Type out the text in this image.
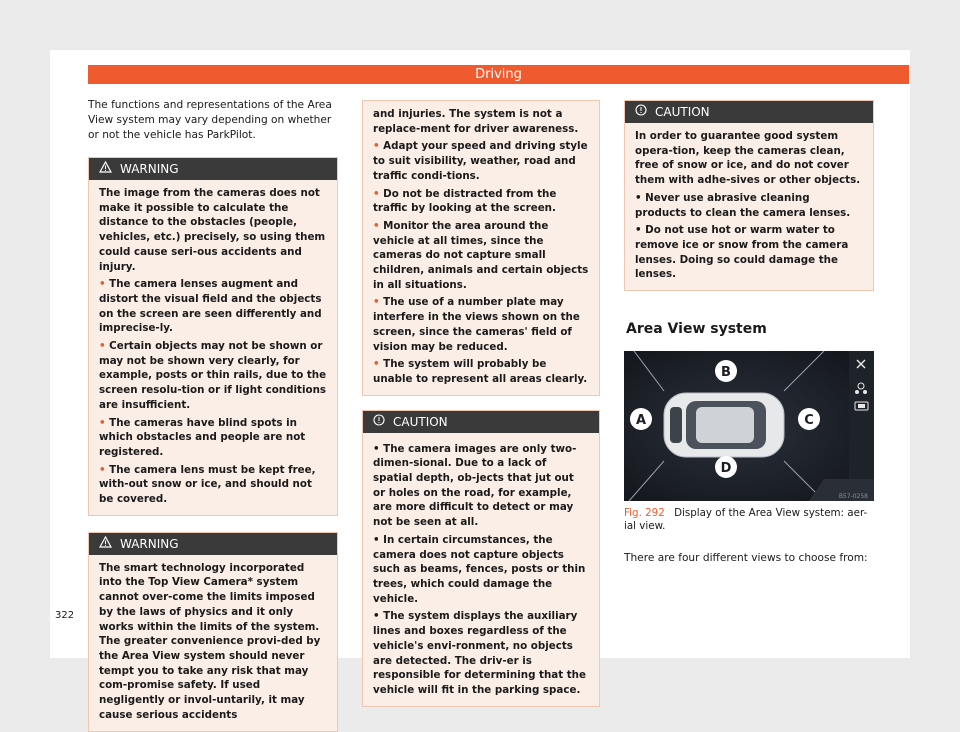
Driving

The functions and representations of the Area View system may vary depending on whether or not the vehicle has ParkPilot.

WARNING

The image from the cameras does not make it possible to calculate the distance to the obstacles (people, vehicles, etc.) precisely, so using them could cause seri-ous accidents and injury.

• The camera lenses augment and distort the visual field and the objects on the screen are seen differently and imprecise-ly.

• Certain objects may not be shown or may not be shown very clearly, for example, posts or thin rails, due to the screen resolu-tion or if light conditions are insufficient.

• The cameras have blind spots in which obstacles and people are not registered.

• The camera lens must be kept free, with-out snow or ice, and should not be covered.

WARNING

The smart technology incorporated into the Top View Camera* system cannot over-come the limits imposed by the laws of physics and it only works within the limits of the system. The greater convenience provi-ded by the Area View system should never tempt you to take any risk that may com-promise safety. If used negligently or invol-untarily, it may cause serious accidents

and injuries. The system is not a replace-ment for driver awareness.

• Adapt your speed and driving style to suit visibility, weather, road and traffic condi-tions.

• Do not be distracted from the traffic by looking at the screen.

• Monitor the area around the vehicle at all times, since the cameras do not capture small children, animals and certain objects in all situations.

• The use of a number plate may interfere in the views shown on the screen, since the cameras' field of vision may be reduced.

• The system will probably be unable to represent all areas clearly.

CAUTION

• The camera images are only two-dimen-sional. Due to a lack of spatial depth, ob-jects that jut out or holes on the road, for example, are more difficult to detect or may not be seen at all.

• In certain circumstances, the camera does not capture objects such as beams, fences, posts or thin trees, which could damage the vehicle.

• The system displays the auxiliary lines and boxes regardless of the vehicle's envi-ronment, no objects are detected. The driv-er is responsible for determining that the vehicle will fit in the parking space.

CAUTION

In order to guarantee good system opera-tion, keep the cameras clean, free of snow or ice, and do not cover them with adhe-sives or other objects.

• Never use abrasive cleaning products to clean the camera lenses.

• Do not use hot or warm water to remove ice or snow from the camera lenses. Doing so could damage the lenses.

Area View system
B
A	C
D
B57-0258
Fig. 292 Display of the Area View system: aer-ial view.

There are four different views to choose from:

322
